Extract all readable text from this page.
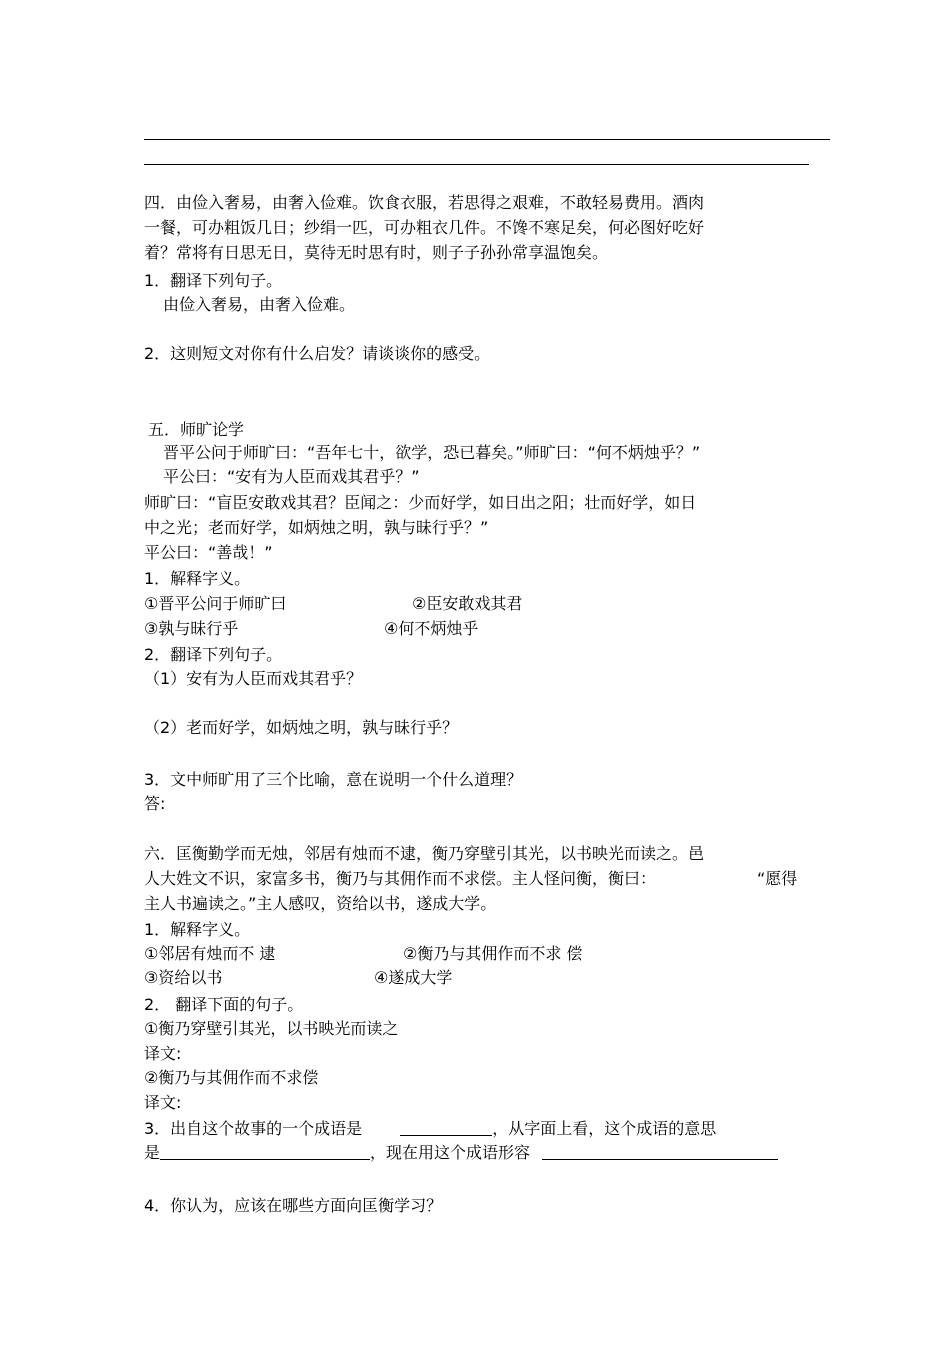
四．由俭入奢易，由奢入俭难。饮食衣服，若思得之艰难，不敢轻易费用。酒肉
一餐，可办粗饭几日；纱绢一匹，可办粗衣几件。不馋不寒足矣，何必图好吃好
着？常将有日思无日，莫待无时思有时，则子子孙孙常享温饱矣。
1．翻译下列句子。
由俭入奢易，由奢入俭难。
2．这则短文对你有什么启发？请谈谈你的感受。
五．师旷论学
晋平公问于师旷曰：“吾年七十，欲学，恐已暮矣。”师旷曰：“何不炳烛乎？”
平公曰：“安有为人臣而戏其君乎？”
师旷曰：“盲臣安敢戏其君？臣闻之：少而好学，如日出之阳；壮而好学，如日
中之光；老而好学，如炳烛之明，孰与昧行乎？”
平公曰：“善哉！”
1．解释字义。
①晋平公问于师旷曰	②臣安敢戏其君
③孰与昧行乎	④何不炳烛乎
2．翻译下列句子。
（1）安有为人臣而戏其君乎？
（2）老而好学，如炳烛之明，孰与昧行乎？
3．文中师旷用了三个比喻，意在说明一个什么道理？
答:
六．匡衡勤学而无烛，邻居有烛而不逮，衡乃穿壁引其光，以书映光而读之。邑
人大姓文不识，家富多书，衡乃与其佣作而不求偿。主人怪问衡，衡曰：	“愿得
主人书遍读之。”主人感叹，资给以书，遂成大学。
1．解释字义。
①邻居有烛而不 逮	②衡乃与其佣作而不求 偿
③资给以书	④遂成大学
2． 翻译下面的句子。
①衡乃穿壁引其光，以书映光而读之
译文:
②衡乃与其佣作而不求偿
译文:
3．出自这个故事的一个成语是	，从字面上看，这个成语的意思
是	，现在用这个成语形容
4．你认为，应该在哪些方面向匡衡学习？
